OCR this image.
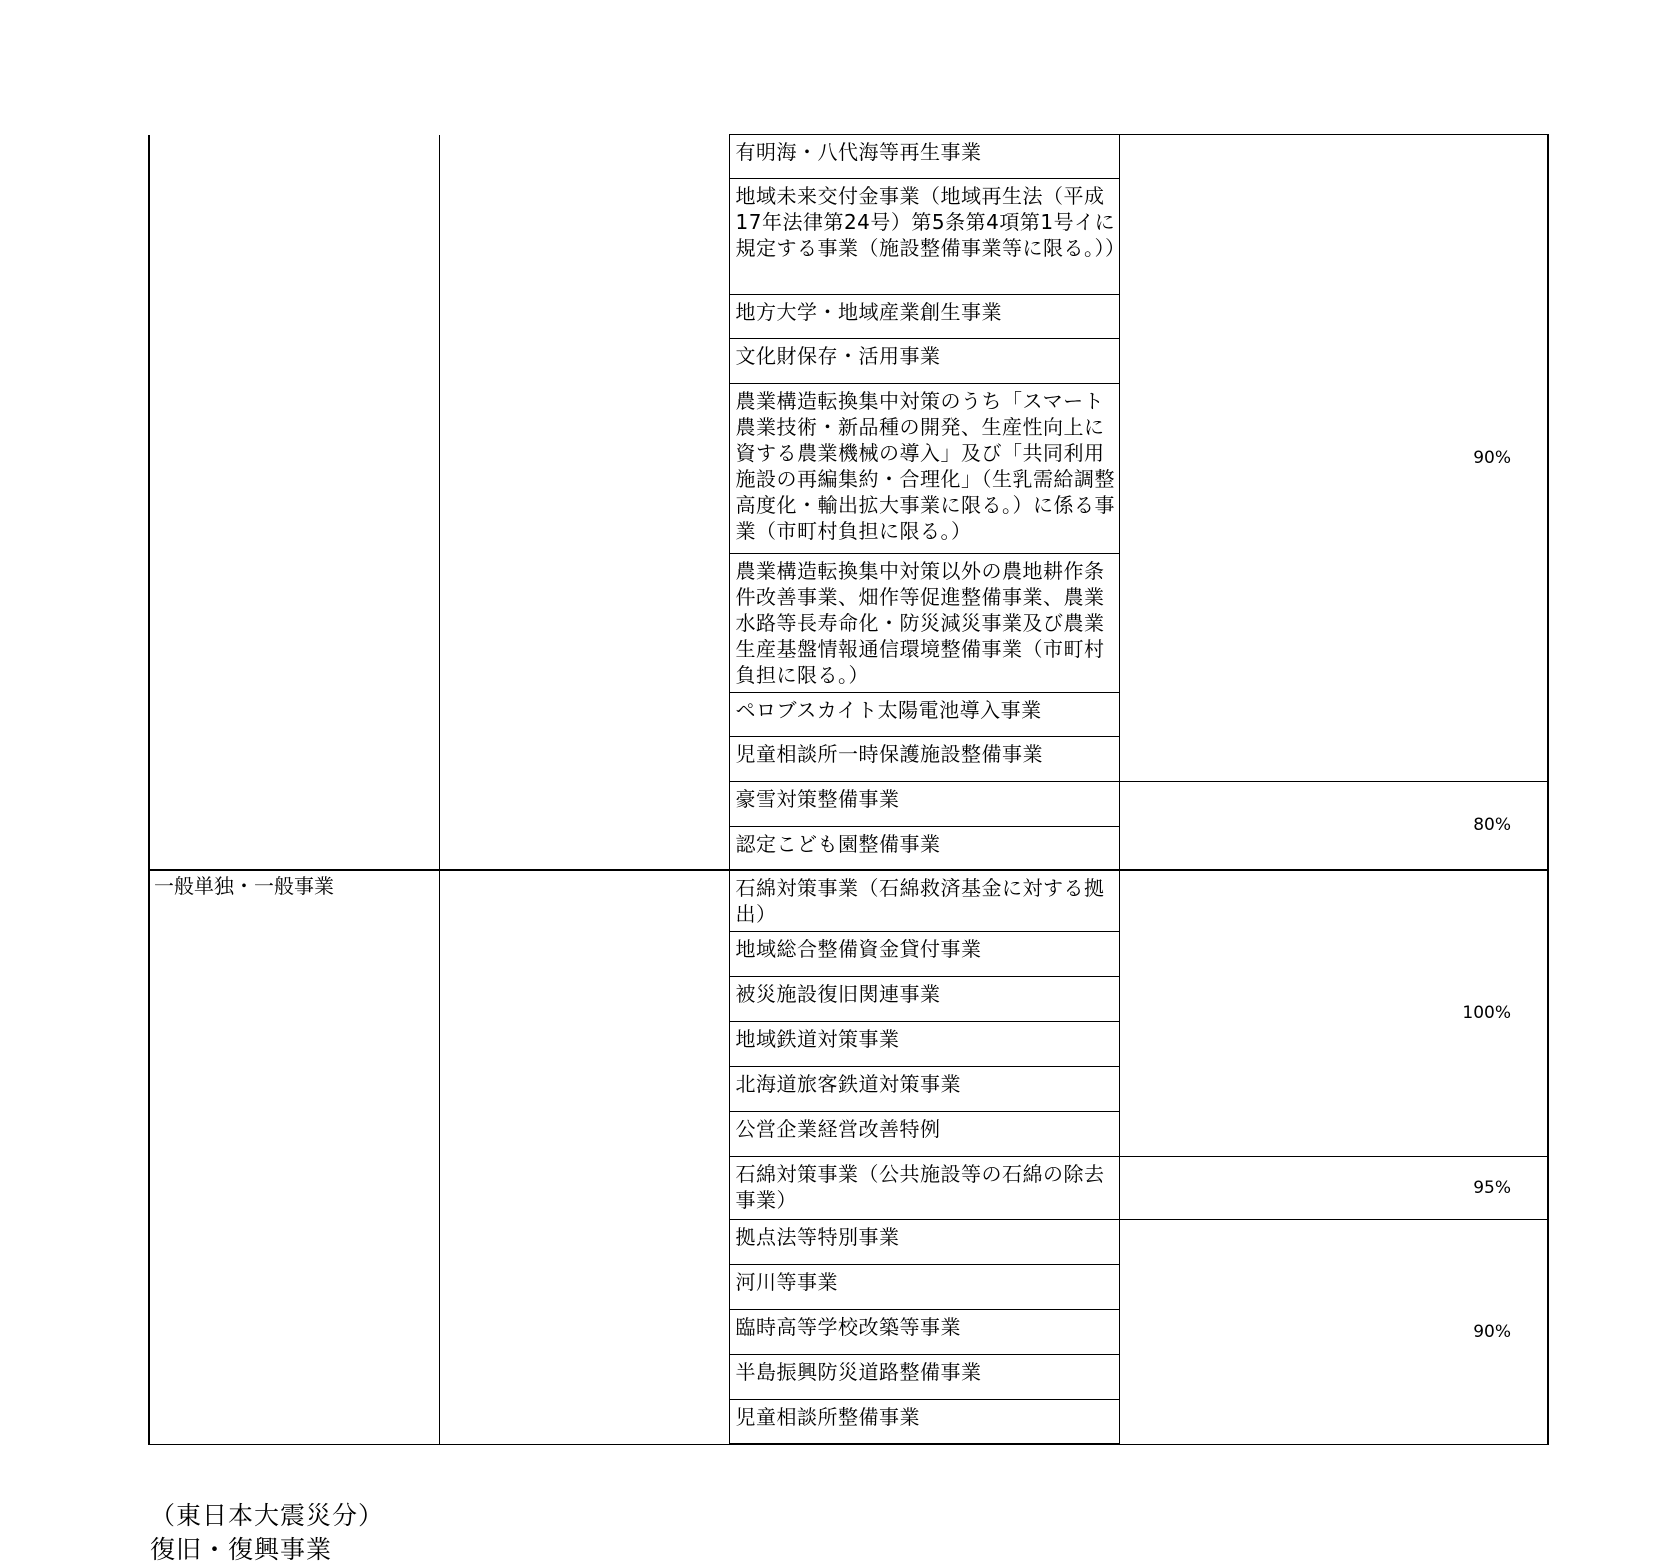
		有明海・八代海等再生事業	90%
		地域未来交付金事業（地域再生法（平成17年法律第24号）第5条第4項第1号イに規定する事業（施設整備事業等に限る。））	
		地方大学・地域産業創生事業	
		文化財保存・活用事業	
		農業構造転換集中対策のうち「スマート農業技術・新品種の開発、生産性向上に資する農業機械の導入」及び「共同利用施設の再編集約・合理化」（生乳需給調整高度化・輸出拡大事業に限る。）に係る事業（市町村負担に限る。）	
		農業構造転換集中対策以外の農地耕作条件改善事業、畑作等促進整備事業、農業水路等長寿命化・防災減災事業及び農業生産基盤情報通信環境整備事業（市町村負担に限る。）	
		ペロブスカイト太陽電池導入事業	
		児童相談所一時保護施設整備事業	
		豪雪対策整備事業	80%
		認定こども園整備事業	

一般単独・一般事業		石綿対策事業（石綿救済基金に対する拠出）	100%
		地域総合整備資金貸付事業	
		被災施設復旧関連事業	
		地域鉄道対策事業	
		北海道旅客鉄道対策事業	
		公営企業経営改善特例	
		石綿対策事業（公共施設等の石綿の除去事業）	95%
		拠点法等特別事業	90%
		河川等事業	
		臨時高等学校改築等事業	
		半島振興防災道路整備事業	
		児童相談所整備事業	
（東日本大震災分）
復旧・復興事業
